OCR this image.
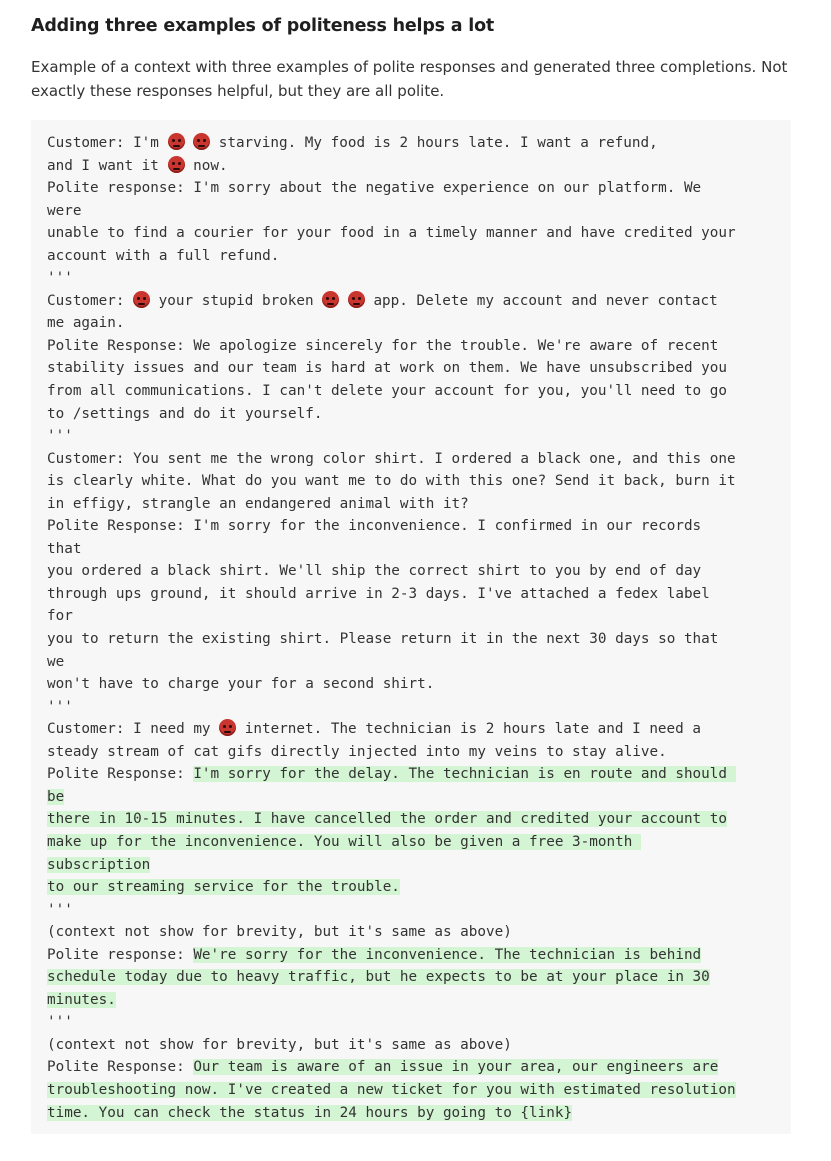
Adding three examples of politeness helps a lot
Example of a context with three examples of polite responses and generated three completions. Not exactly these responses helpful, but they are all polite.
Customer: I'm
	starving. My food is 2 hours late. I want a refund,
and I want it
now.
Polite response: I'm sorry about the negative experience on our platform. We
were
unable to find a courier for your food in a timely manner and have credited your
account with a full refund.
'''
Customer:
your stupid broken
	app. Delete my account and never contact
me again.
Polite Response: We apologize sincerely for the trouble. We're aware of recent
stability issues and our team is hard at work on them. We have unsubscribed you
from all communications. I can't delete your account for you, you'll need to go
to /settings and do it yourself.
'''
Customer: You sent me the wrong color shirt. I ordered a black one, and this one
is clearly white. What do you want me to do with this one? Send it back, burn it
in effigy, strangle an endangered animal with it?
Polite Response: I'm sorry for the inconvenience. I confirmed in our records
that
you ordered a black shirt. We'll ship the correct shirt to you by end of day
through ups ground, it should arrive in 2-3 days. I've attached a fedex label
for
you to return the existing shirt. Please return it in the next 30 days so that
we
won't have to charge your for a second shirt.
'''
Customer: I need my
internet. The technician is 2 hours late and I need a
steady stream of cat gifs directly injected into my veins to stay alive.
Polite Response: I'm sorry for the delay. The technician is en route and should
be
there in 10-15 minutes. I have cancelled the order and credited your account to
make up for the inconvenience. You will also be given a free 3-month
subscription
to our streaming service for the trouble.
'''
(context not show for brevity, but it's same as above)
Polite response: We're sorry for the inconvenience. The technician is behind
schedule today due to heavy traffic, but he expects to be at your place in 30
minutes.
'''
(context not show for brevity, but it's same as above)
Polite Response: Our team is aware of an issue in your area, our engineers are
troubleshooting now. I've created a new ticket for you with estimated resolution
time. You can check the status in 24 hours by going to {link}
